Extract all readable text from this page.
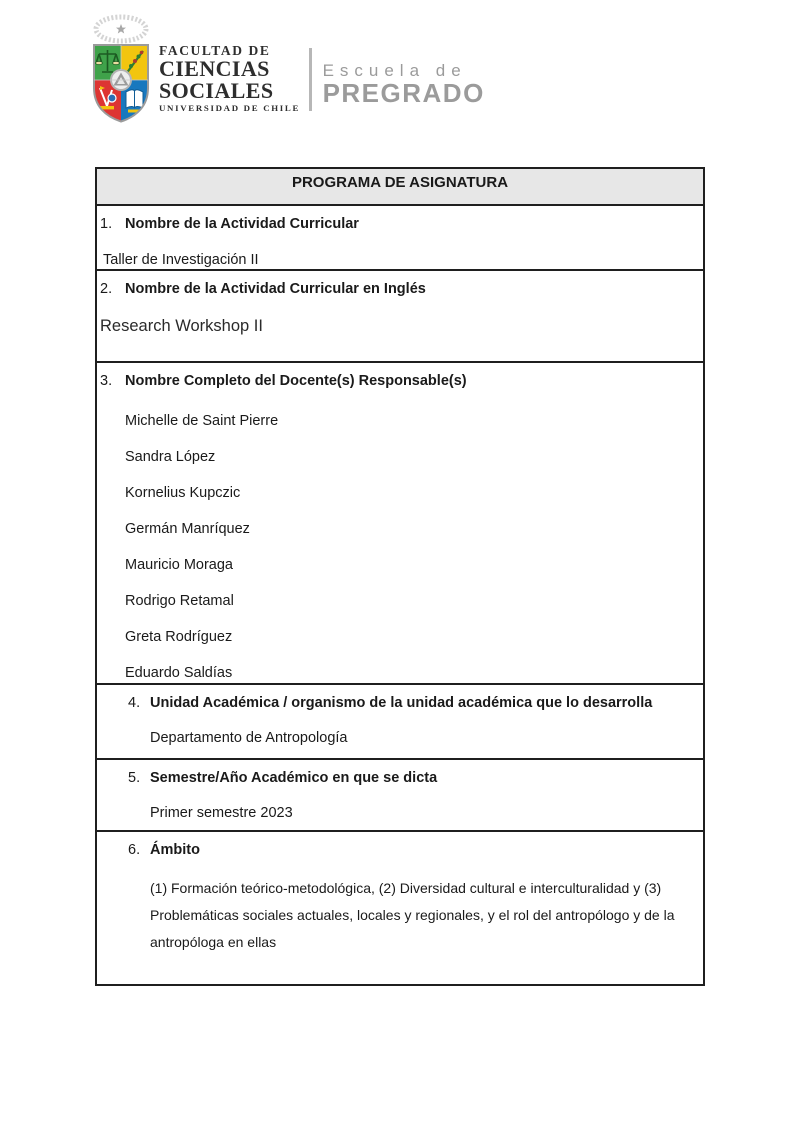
FACULTAD DE
CIENCIAS
SOCIALES
UNIVERSIDAD DE CHILE
Escuela de
PREGRADO
PROGRAMA DE ASIGNATURA
1. Nombre de la Actividad Curricular
Taller de Investigación II
2. Nombre de la Actividad Curricular en Inglés
Research Workshop II
3. Nombre Completo del Docente(s) Responsable(s)
Michelle de Saint Pierre
Sandra López
Kornelius Kupczic
Germán Manríquez
Mauricio Moraga
Rodrigo Retamal
Greta Rodríguez
Eduardo Saldías
4. Unidad Académica / organismo de la unidad académica que lo desarrolla
Departamento de Antropología
5. Semestre/Año Académico en que se dicta
Primer semestre 2023
6. Ámbito
(1) Formación teórico-metodológica, (2) Diversidad cultural e interculturalidad y (3) Problemáticas sociales actuales, locales y regionales, y el rol del antropólogo y de la antropóloga en ellas
